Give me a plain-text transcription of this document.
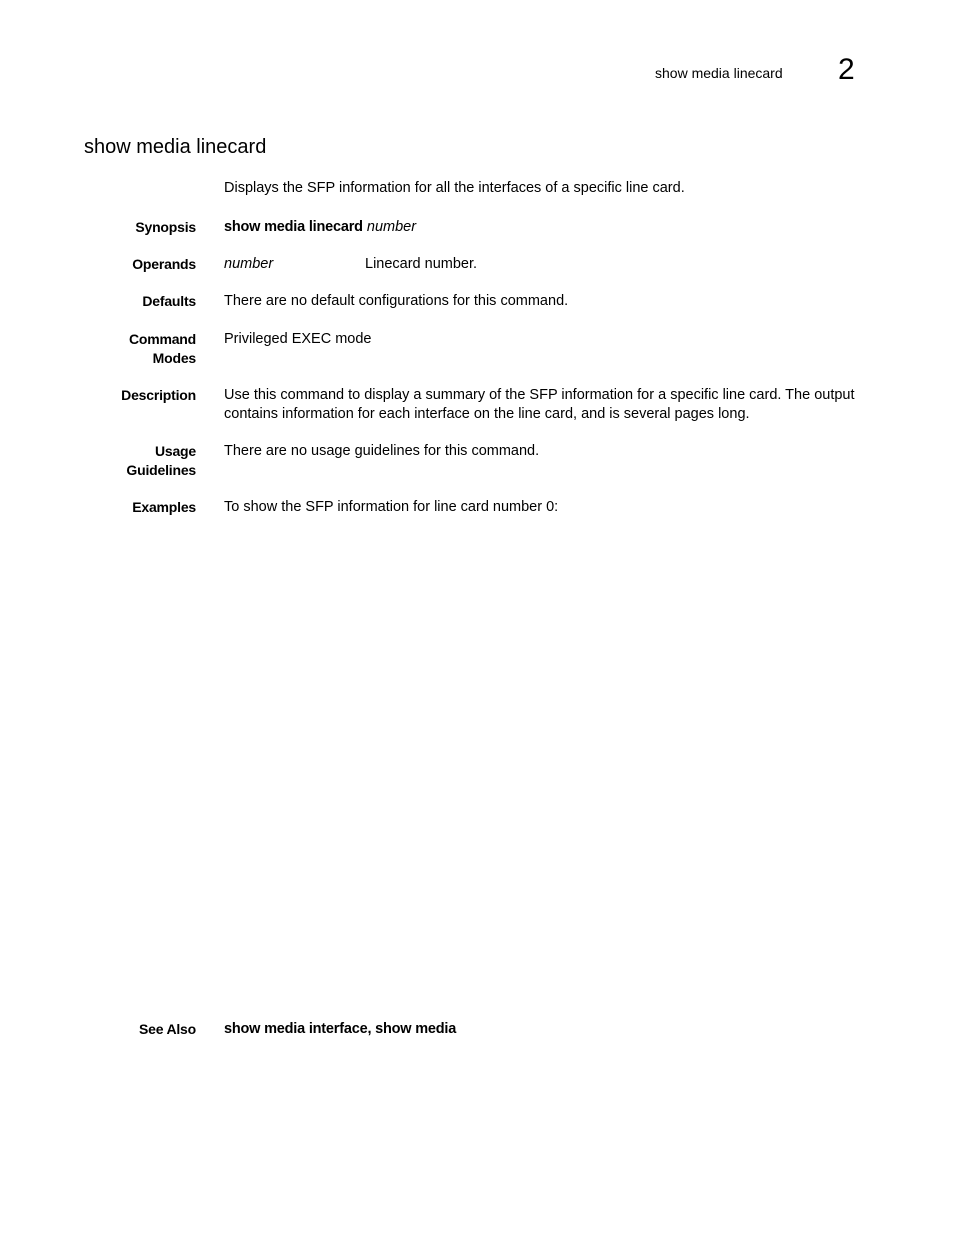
show media linecard 2
show media linecard
Displays the SFP information for all the interfaces of a specific line card.
Synopsis show media linecard number
Operands number	Linecard number.
Defaults There are no default configurations for this command.
Command
Modes
Privileged EXEC mode
Description Use this command to display a summary of the SFP information for a specific line card. The output
contains information for each interface on the line card, and is several pages long.
Usage
Guidelines
There are no usage guidelines for this command.
Examples To show the SFP information for line card number 0:
See Also show media interface, show media
